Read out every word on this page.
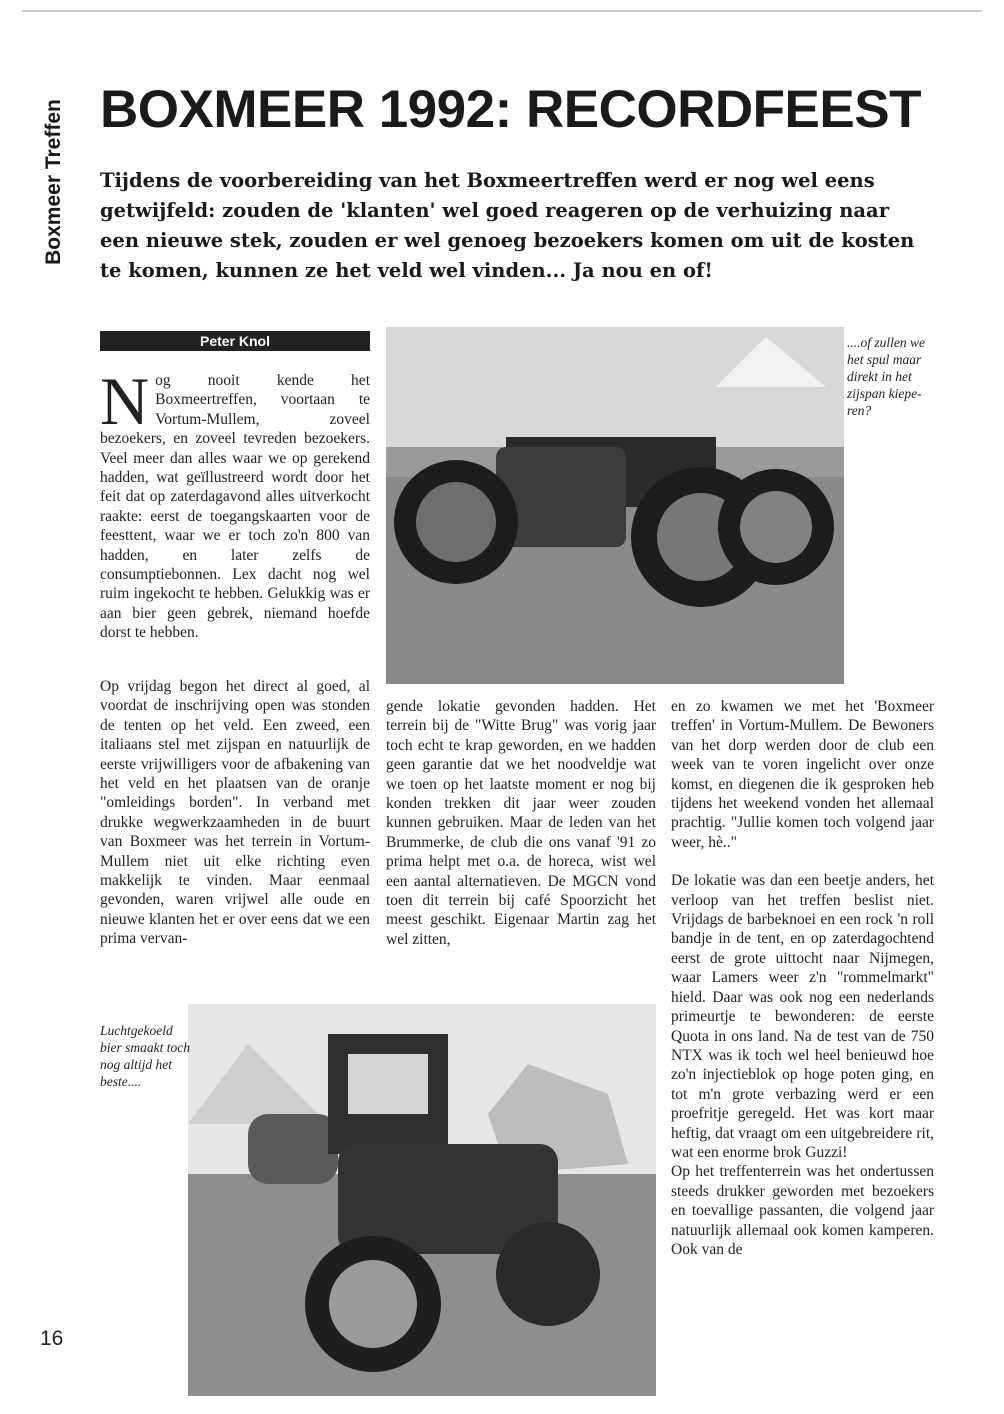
Boxmeer Treffen BOXMEER 1992: RECORDFEEST

Tijdens de voorbereiding van het Boxmeertreffen werd er nog wel eens getwijfeld: zouden de 'klanten' wel goed reageren op de verhuizing naar een nieuwe stek, zouden er wel genoeg bezoekers komen om uit de kosten te komen, kunnen ze het veld wel vinden... Ja nou en of!

Peter Knol
N og nooit kende het Boxmeertreffen, voortaan te Vortum-Mullem, zoveel bezoekers, en zoveel tevreden bezoekers. Veel meer dan alles waar we op gerekend hadden, wat geïllustreerd wordt door het feit dat op zaterdagavond alles uitverkocht raakte: eerst de toegangskaarten voor de feesttent, waar we er toch zo'n 800 van hadden, en later zelfs de consumptiebonnen. Lex dacht nog wel ruim ingekocht te hebben. Gelukkig was er aan bier geen gebrek, niemand hoefde dorst te hebben.

Op vrijdag begon het direct al goed, al voordat de inschrijving open was stonden de tenten op het veld. Een zweed, een italiaans stel met zijspan en natuurlijk de eerste vrijwilligers voor de afbakening van het veld en het plaatsen van de oranje "omleidings borden". In verband met drukke wegwerkzaamheden in de buurt van Boxmeer was het terrein in Vortum-Mullem niet uit elke richting even makkelijk te vinden. Maar eenmaal gevonden, waren vrijwel alle oude en nieuwe klanten het er over eens dat we een prima vervan-

gende lokatie gevonden hadden. Het terrein bij de "Witte Brug" was vorig jaar toch echt te krap geworden, en we hadden geen garantie dat we het noodveldje wat we toen op het laatste moment er nog bij konden trekken dit jaar weer zouden kunnen gebruiken. Maar de leden van het Brummerke, de club die ons vanaf '91 zo prima helpt met o.a. de horeca, wist wel een aantal alternatieven. De MGCN vond toen dit terrein bij café Spoorzicht het meest geschikt. Eigenaar Martin zag het wel zitten,

en zo kwamen we met het 'Boxmeer treffen' in Vortum-Mullem. De Bewoners van het dorp werden door de club een week van te voren ingelicht over onze komst, en diegenen die ik gesproken heb tijdens het weekend vonden het allemaal prachtig. "Jullie komen toch volgend jaar weer, hè.."

De lokatie was dan een beetje anders, het verloop van het treffen beslist niet. Vrijdags de barbeknoei en een rock 'n roll bandje in de tent, en op zaterdagochtend eerst de grote uittocht naar Nijmegen, waar Lamers weer z'n "rommelmarkt" hield. Daar was ook nog een nederlands primeurtje te bewonderen: de eerste Quota in ons land. Na de test van de 750 NTX was ik toch wel heel benieuwd hoe zo'n injectieblok op hoge poten ging, en tot m'n grote verbazing werd er een proefritje geregeld. Het was kort maar heftig, dat vraagt om een uitgebreidere rit, wat een enorme brok Guzzi!

Op het treffenterrein was het ondertussen steeds drukker geworden met bezoekers en toevallige passanten, die volgend jaar natuurlijk allemaal ook komen kamperen. Ook van de

....of zullen we het spul maar direkt in het zijspan kiepe-ren?

Luchtgekoeld bier smaakt toch nog altijd het beste....

16
